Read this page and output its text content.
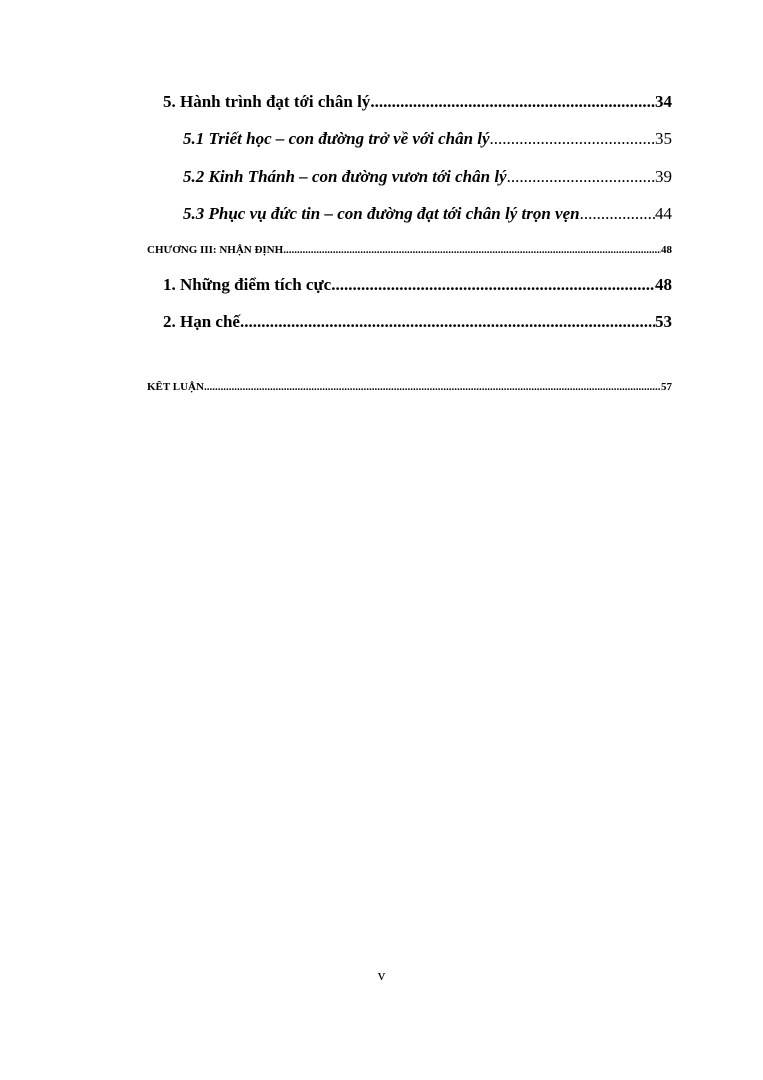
5. Hành trình đạt tới chân lý .....	34
5.1 Triết học – con đường trở về với chân lý .....	35
5.2 Kinh Thánh – con đường vươn tới chân lý .....	39
5.3 Phục vụ đức tin – con đường đạt tới chân lý trọn vẹn .....	44
CHƯƠNG III: NHẬN ĐỊNH .....	48
1. Những điểm tích cực .....	48
2. Hạn chế .....	53
KẾT LUẬN .....	57
v
